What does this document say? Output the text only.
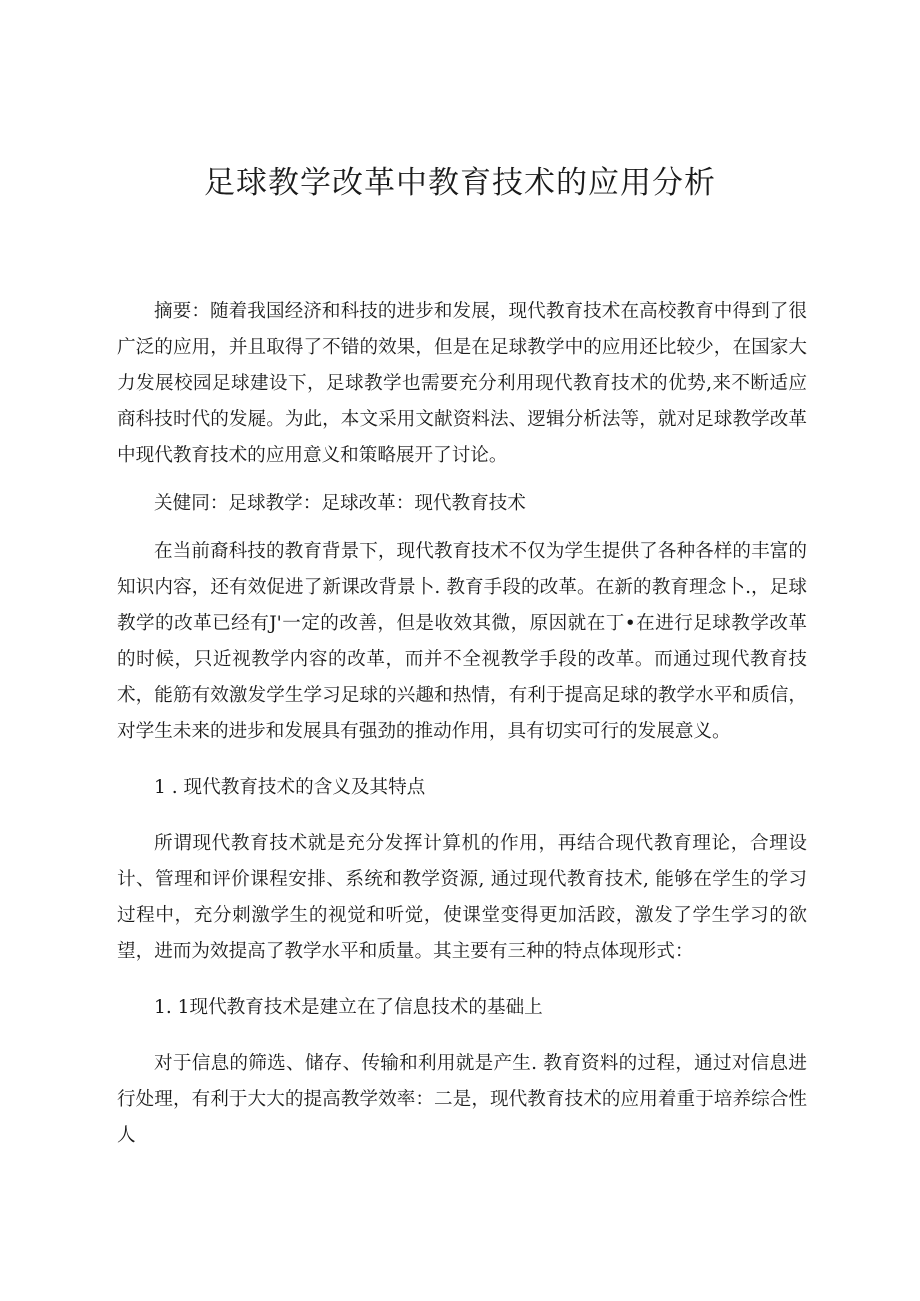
足球教学改革中教育技术的应用分析

摘要：随着我国经济和科技的进步和发展，现代教育技术在高校教育中得到了很广泛的应用，并且取得了不错的效果，但是在足球教学中的应用还比较少，在国家大力发展校园足球建设下，足球教学也需要充分利用现代教育技术的优势,来不断适应商科技时代的发屣。为此，本文采用文献资料法、逻辑分析法等，就对足球教学改革中现代教育技术的应用意义和策略展开了讨论。

关健同：足球教学：足球改革：现代教育技术

在当前裔科技的教育背景下，现代教育技术不仅为学生提供了各种各样的丰富的知识内容，还有效促进了新课改背景卜. 教育手段的改革。在新的教育理念卜.，足球教学的改革已经有J'一定的改善，但是收效其微，原因就在丁•在进行足球教学改革的时候，只近视教学内容的改革，而并不全视教学手段的改革。而通过现代教育技术，能筋有效激发学生学习足球的兴趣和热情，有利于提高足球的教学水平和质信，对学生未来的进步和发展具有强劲的推动作用，具有切实可行的发展意义。

1 . 现代教育技术的含义及其特点

所谓现代教育技术就是充分发挥计算机的作用，再结合现代教育理论，合理设计、管理和评价课程安排、系统和教学资源, 通过现代教育技术, 能够在学生的学习过程中，充分刺激学生的视觉和听觉，使课堂变得更加活跤，激发了学生学习的欲望，进而为效提高了教学水平和质量。其主要有三种的特点体现形式：

1. 1现代教育技术是建立在了信息技术的基础上

对于信息的筛选、储存、传输和利用就是产生. 教育资料的过程，通过对信息进行处理，有利于大大的提高教学效率：二是，现代教育技术的应用着重于培养综合性人
